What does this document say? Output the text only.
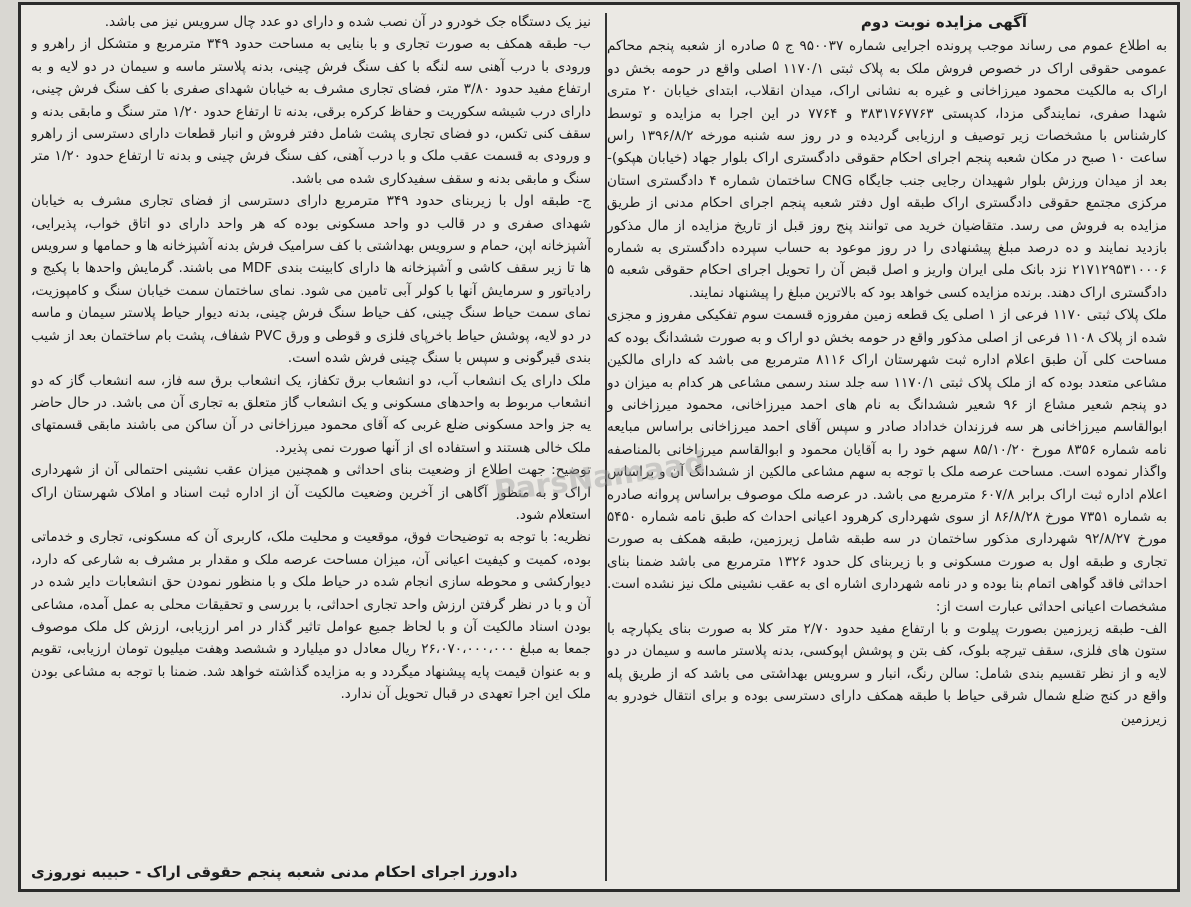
آگهی مزایده نوبت دوم

به اطلاع عموم می رساند موجب پرونده اجرایی شماره ۹۵۰۰۳۷ ج ۵ صادره از شعبه پنجم محاکم عمومی حقوقی اراک در خصوص فروش ملک به پلاک ثبتی ۱۱۷۰/۱ اصلی واقع در حومه بخش دو اراک به مالکیت محمود میرزاخانی و غیره به نشانی اراک، میدان انقلاب، ابتدای خیابان ۲۰ متری شهدا صفری، نمایندگی مزدا، کدپستی ۳۸۳۱۷۶۷۷۶۳ و ۷۷۶۴ در این اجرا به مزایده و توسط کارشناس با مشخصات زیر توصیف و ارزیابی گردیده و در روز سه شنبه مورخه ۱۳۹۶/۸/۲ راس ساعت ۱۰ صبح در مکان شعبه پنجم اجرای احکام حقوقی دادگستری اراک بلوار جهاد (خیابان هپکو)- بعد از میدان ورزش بلوار شهیدان رجایی جنب جایگاه CNG ساختمان شماره ۴ دادگستری استان مرکزی مجتمع حقوقی دادگستری اراک طبقه اول دفتر شعبه پنجم اجرای احکام مدنی از طریق مزایده به فروش می رسد. متقاضیان خرید می توانند پنج روز قبل از تاریخ مزایده از مال مذکور بازدید نمایند و ده درصد مبلغ پیشنهادی را در روز موعود به حساب سپرده دادگستری به شماره ۲۱۷۱۲۹۵۳۱۰۰۰۶ نزد بانک ملی ایران واریز و اصل قبض آن را تحویل اجرای احکام حقوقی شعبه ۵ دادگستری اراک دهند. برنده مزایده کسی خواهد بود که بالاترین مبلغ را پیشنهاد نمایند.

ملک پلاک ثبتی ۱۱۷۰ فرعی از ۱ اصلی یک قطعه زمین مفروزه قسمت سوم تفکیکی مفروز و مجزی شده از پلاک ۱۱۰۸ فرعی از اصلی مذکور واقع در حومه بخش دو اراک و به صورت ششدانگ بوده که مساحت کلی آن طبق اعلام اداره ثبت شهرستان اراک ۸۱۱۶ مترمربع می باشد که دارای مالکین مشاعی متعدد بوده که از ملک پلاک ثبتی ۱۱۷۰/۱ سه جلد سند رسمی مشاعی هر کدام به میزان دو دو پنجم شعیر مشاع از ۹۶ شعیر ششدانگ به نام های احمد میرزاخانی، محمود میرزاخانی و ابوالقاسم میرزاخانی هر سه فرزندان خداداد صادر و سپس آقای احمد میرزاخانی براساس مبایعه نامه شماره ۸۳۵۶ مورخ ۸۵/۱۰/۲۰ سهم خود را به آقایان محمود و ابوالقاسم میرزاخانی بالمناصفه واگذار نموده است. مساحت عرصه ملک با توجه به سهم مشاعی مالکین از ششدانگ آن و براساس اعلام اداره ثبت اراک برابر ۶۰۷/۸ مترمربع می باشد. در عرصه ملک موصوف براساس پروانه صادره به شماره ۷۳۵۱ مورخ ۸۶/۸/۲۸ از سوی شهرداری کرهرود اعیانی احداث که طبق نامه شماره ۵۴۵۰ مورخ ۹۲/۸/۲۷ شهرداری مذکور ساختمان در سه طبقه شامل زیرزمین، طبقه همکف به صورت تجاری و طبقه اول به صورت مسکونی و با زیربنای کل حدود ۱۳۲۶ مترمربع می باشد ضمنا بنای احداثی فاقد گواهی اتمام بنا بوده و در نامه شهرداری اشاره ای به عقب نشینی ملک نیز نشده است. مشخصات اعیانی احداثی عبارت است از:

الف- طبقه زیرزمین بصورت پیلوت و با ارتفاع مفید حدود ۲/۷۰ متر کلا به صورت بنای یکپارچه با ستون های فلزی، سقف تیرچه بلوک، کف بتن و پوشش اپوکسی، بدنه پلاستر ماسه و سیمان در دو لایه و از نظر تقسیم بندی شامل: سالن رنگ، انبار و سرویس بهداشتی می باشد که از طریق پله واقع در کنج ضلع شمال شرقی حیاط با طبقه همکف دارای دسترسی بوده و برای انتقال خودرو به زیرزمین

نیز یک دستگاه جک خودرو در آن نصب شده و دارای دو عدد چال سرویس نیز می باشد.

ب- طبقه همکف به صورت تجاری و با بنایی به مساحت حدود ۳۴۹ مترمربع و متشکل از راهرو و ورودی با درب آهنی سه لنگه با کف سنگ فرش چینی، بدنه پلاستر ماسه و سیمان در دو لایه و به ارتفاع مفید حدود ۳/۸۰ متر، فضای تجاری مشرف به خیابان شهدای صفری با کف سنگ فرش چینی، دارای درب شیشه سکوریت و حفاظ کرکره برقی، بدنه تا ارتفاع حدود ۱/۲۰ متر سنگ و مابقی بدنه و سقف کنی تکس، دو فضای تجاری پشت شامل دفتر فروش و انبار قطعات دارای دسترسی از راهرو و ورودی به قسمت عقب ملک و با درب آهنی، کف سنگ فرش چینی و بدنه تا ارتفاع حدود ۱/۲۰ متر سنگ و مابقی بدنه و سقف سفیدکاری شده می باشد.

ج- طبقه اول با زیربنای حدود ۳۴۹ مترمربع دارای دسترسی از فضای تجاری مشرف به خیابان شهدای صفری و در قالب دو واحد مسکونی بوده که هر واحد دارای دو اتاق خواب، پذیرایی، آشپزخانه اپن، حمام و سرویس بهداشتی با کف سرامیک فرش بدنه آشپزخانه ها و حمامها و سرویس ها تا زیر سقف کاشی و آشپزخانه ها دارای کابینت بندی MDF می باشند. گرمایش واحدها با پکیج و رادیاتور و سرمایش آنها با کولر آبی تامین می شود. نمای ساختمان سمت خیابان سنگ و کامپوزیت، نمای سمت حیاط سنگ چینی، کف حیاط سنگ فرش چینی، بدنه دیوار حیاط پلاستر سیمان و ماسه در دو لایه، پوشش حیاط باخرپای فلزی و قوطی و ورق PVC شفاف، پشت بام ساختمان بعد از شیب بندی قیرگونی و سپس با سنگ چینی فرش شده است.

ملک دارای یک انشعاب آب، دو انشعاب برق تکفاز، یک انشعاب برق سه فاز، سه انشعاب گاز که دو انشعاب مربوط به واحدهای مسکونی و یک انشعاب گاز متعلق به تجاری آن می باشد. در حال حاضر یه جز واحد مسکونی ضلع غربی که آقای محمود میرزاخانی در آن ساکن می باشند مابقی قسمتهای ملک خالی هستند و استفاده ای از آنها صورت نمی پذیرد.

توضیح: جهت اطلاع از وضعیت بنای احداثی و همچنین میزان عقب نشینی احتمالی آن از شهرداری اراک و به منظور آگاهی از آخرین وضعیت مالکیت آن از اداره ثبت اسناد و املاک شهرستان اراک استعلام شود.

نظریه: با توجه به توضیحات فوق، موقعیت و محلیت ملک، کاربری آن که مسکونی، تجاری و خدماتی بوده، کمیت و کیفیت اعیانی آن، میزان مساحت عرصه ملک و مقدار بر مشرف به شارعی که دارد، دیوارکشی و محوطه سازی انجام شده در حیاط ملک و با منظور نمودن حق انشعابات دایر شده در آن و با در نظر گرفتن ارزش واحد تجاری احداثی، با بررسی و تحقیقات محلی به عمل آمده، مشاعی بودن اسناد مالکیت آن و با لحاظ جمیع عوامل تاثیر گذار در امر ارزیابی، ارزش کل ملک موصوف جمعا به مبلغ ۲۶،۰۷۰،۰۰۰،۰۰۰ ریال معادل دو میلیارد و ششصد وهفت میلیون تومان ارزیابی، تقویم و به عنوان قیمت پایه پیشنهاد میگردد و به مزایده گذاشته خواهد شد. ضمنا با توجه به مشاعی بودن ملک این اجرا تعهدی در قبال تحویل آن ندارد.

دادورز اجرای احکام مدنی شعبه پنجم حقوقی اراک - حبیبه نوروزی
ParsNamaad
